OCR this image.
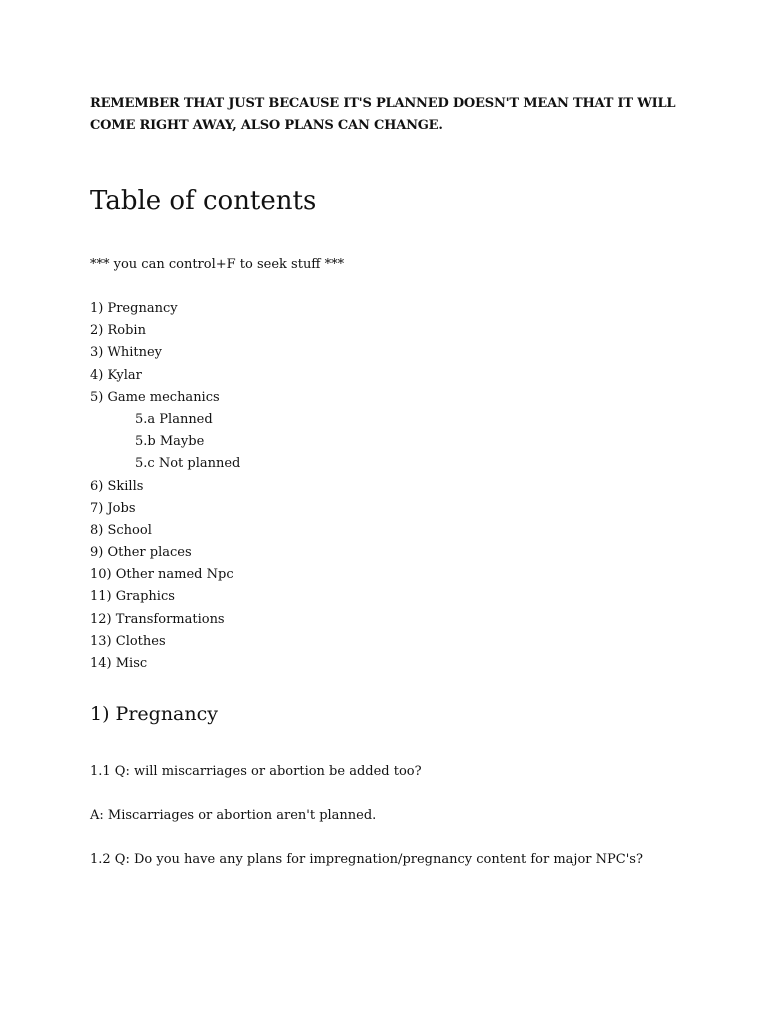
REMEMBER THAT JUST BECAUSE IT'S PLANNED DOESN'T MEAN THAT IT WILL COME RIGHT AWAY, ALSO PLANS CAN CHANGE.
Table of contents
*** you can control+F to seek stuff ***
1) Pregnancy
2) Robin
3) Whitney
4) Kylar
5) Game mechanics
5.a Planned
5.b Maybe
5.c Not planned
6) Skills
7) Jobs
8) School
9) Other places
10) Other named Npc
11) Graphics
12) Transformations
13) Clothes
14) Misc
1) Pregnancy
1.1 Q: will miscarriages or abortion be added too?
A: Miscarriages or abortion aren't planned.
1.2 Q: Do you have any plans for impregnation/pregnancy content for major NPC's?
